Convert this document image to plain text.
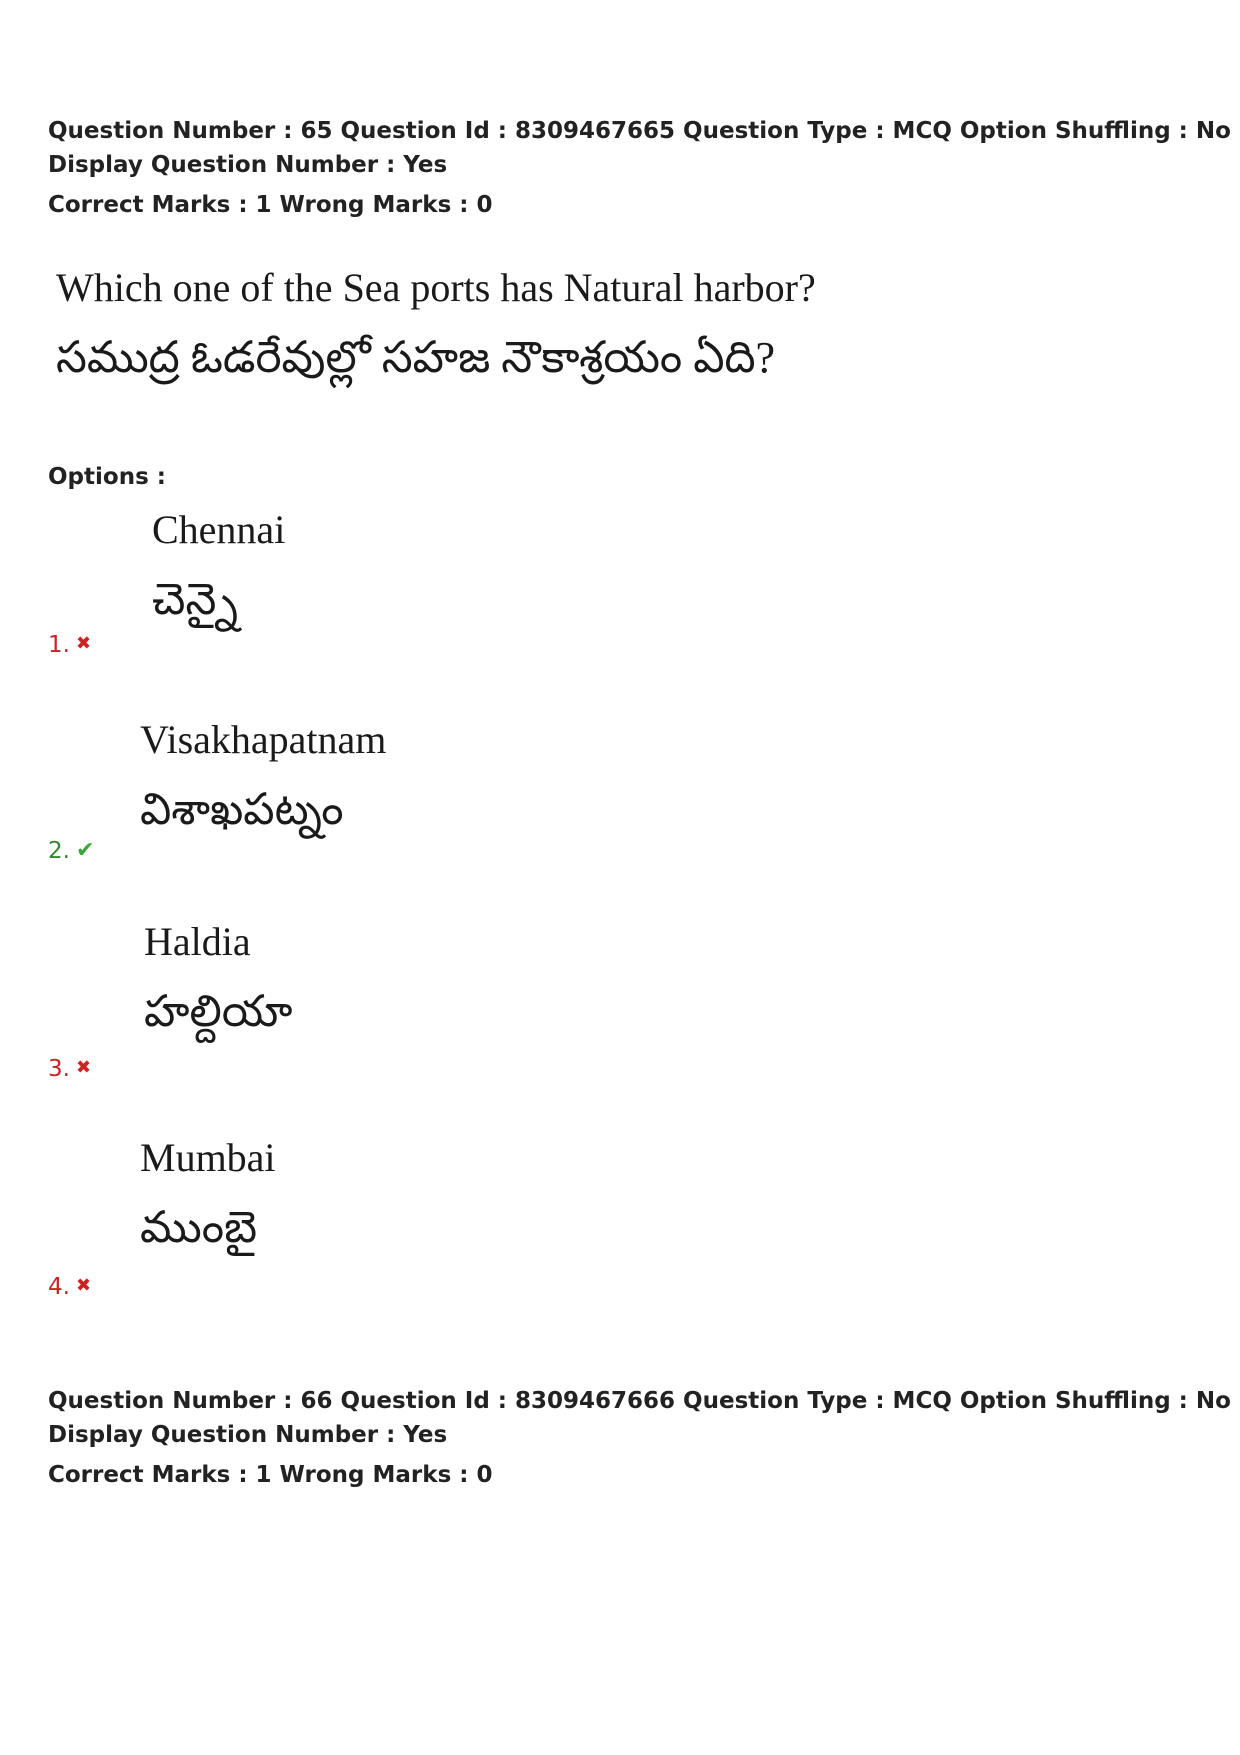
Question Number : 65 Question Id : 8309467665 Question Type : MCQ Option Shuffling : No
Display Question Number : Yes
Correct Marks : 1 Wrong Marks : 0
Which one of the Sea ports has Natural harbor?
సముద్ర ఓడరేవుల్లో సహజ నౌకాశ్రయం ఏది?
Options :
Chennai
చెన్నై
1. ✖
Visakhapatnam
విశాఖపట్నం
2. ✔
Haldia
హల్దియా
3. ✖
Mumbai
ముంబై
4. ✖
Question Number : 66 Question Id : 8309467666 Question Type : MCQ Option Shuffling : No
Display Question Number : Yes
Correct Marks : 1 Wrong Marks : 0
